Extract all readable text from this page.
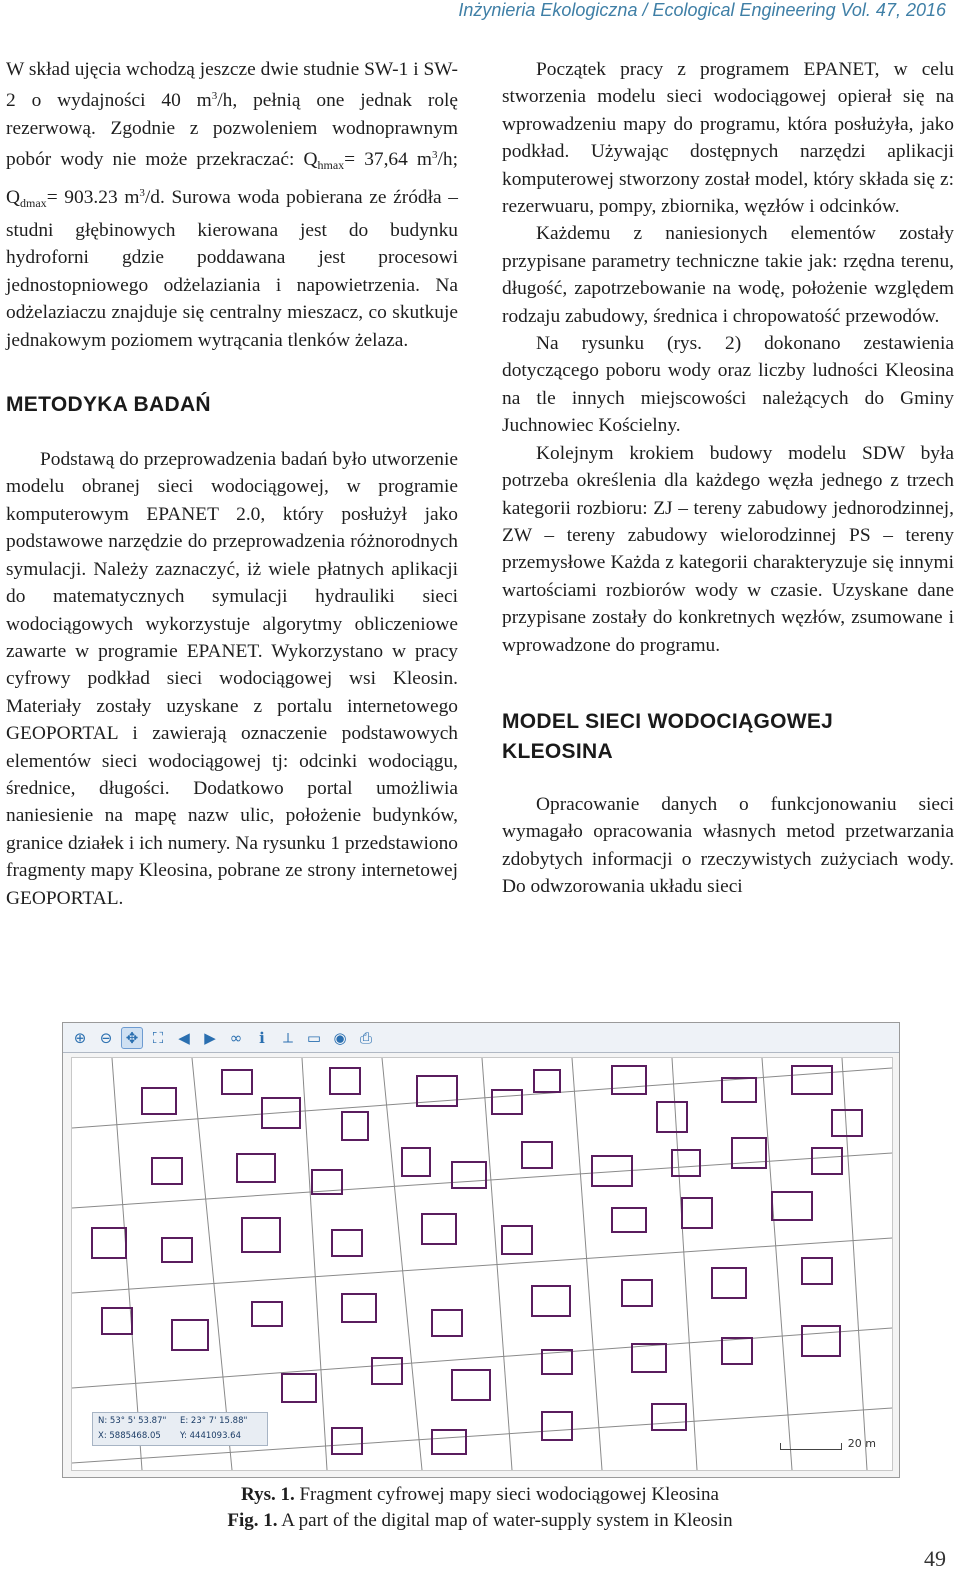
Inżynieria Ekologiczna / Ecological Engineering Vol. 47, 2016

W skład ujęcia wchodzą jeszcze dwie studnie SW-1 i SW-2 o wydajności 40 $m^3/h$, pełnią one jednak rolę rezerwową. Zgodnie z pozwoleniem wodnoprawnym pobór wody nie może przekraczać: $Q_{hmax}= 37,64$ $m^3/h$; $Q_{dmax}= 903.23$ $m^3/d$. Surowa woda pobierana ze źródła – studni głębinowych kierowana jest do budynku hydroforni gdzie poddawana jest procesowi jednostopniowego odżelaziania i napowietrzenia. Na odżelaziaczu znajduje się centralny mieszacz, co skutkuje jednakowym poziomem wytrącania tlenków żelaza.

METODYKA BADAŃ

Podstawą do przeprowadzenia badań było utworzenie modelu obranej sieci wodociągowej, w programie komputerowym EPANET 2.0, który posłużył jako podstawowe narzędzie do przeprowadzenia różnorodnych symulacji. Należy zaznaczyć, iż wiele płatnych aplikacji do matematycznych symulacji hydrauliki sieci wodociągowych wykorzystuje algorytmy obliczeniowe zawarte w programie EPANET. Wykorzystano w pracy cyfrowy podkład sieci wodociągowej wsi Kleosin. Materiały zostały uzyskane z portalu internetowego GEOPORTAL i zawierają oznaczenie podstawowych elementów sieci wodociągowej tj: odcinki wodociągu, średnice, długości. Dodatkowo portal umożliwia naniesienie na mapę nazw ulic, położenie budynków, granice działek i ich numery. Na rysunku 1 przedstawiono fragmenty mapy Kleosina, pobrane ze strony internetowej GEOPORTAL.

Początek pracy z programem EPANET, w celu stworzenia modelu sieci wodociągowej opierał się na wprowadzeniu mapy do programu, która posłużyła, jako podkład. Używając dostępnych narzędzi aplikacji komputerowej stworzony został model, który składa się z: rezerwuaru, pompy, zbiornika, węzłów i odcinków.

Każdemu z naniesionych elementów zostały przypisane parametry techniczne takie jak: rzędna terenu, długość, zapotrzebowanie na wodę, położenie względem rodzaju zabudowy, średnica i chropowatość przewodów.

Na rysunku (rys. 2) dokonano zestawienia dotyczącego poboru wody oraz liczby ludności Kleosina na tle innych miejscowości należących do Gminy Juchnowiec Kościelny.

Kolejnym krokiem budowy modelu SDW była potrzeba określenia dla każdego węzła jednego z trzech kategorii rozbioru: ZJ – tereny zabudowy jednorodzinnej, ZW – tereny zabudowy wielorodzinnej PS – tereny przemysłowe Każda z kategorii charakteryzuje się innymi wartościami rozbiorów wody w czasie. Uzyskane dane przypisane zostały do konkretnych węzłów, zsumowane i wprowadzone do programu.

MODEL SIECI WODOCIĄGOWEJ
KLEOSINA

Opracowanie danych o funkcjonowaniu sieci wymagało opracowania własnych metod przetwarzania zdobytych informacji o rzeczywistych zużyciach wody. Do odwzorowania układu sieci

⊕ ⊖ ✥ ⛶ ◀ ▶ ∞	ℹ	⟂ ▭ ◉ ⎙
N: 53° 5' 53.87"	E: 23° 7' 15.88"
X: 5885468.05	Y: 4441093.64
20 m
Rys. 1. Fragment cyfrowej mapy sieci wodociągowej Kleosina
Fig. 1. A part of the digital map of water-supply system in Kleosin
49
